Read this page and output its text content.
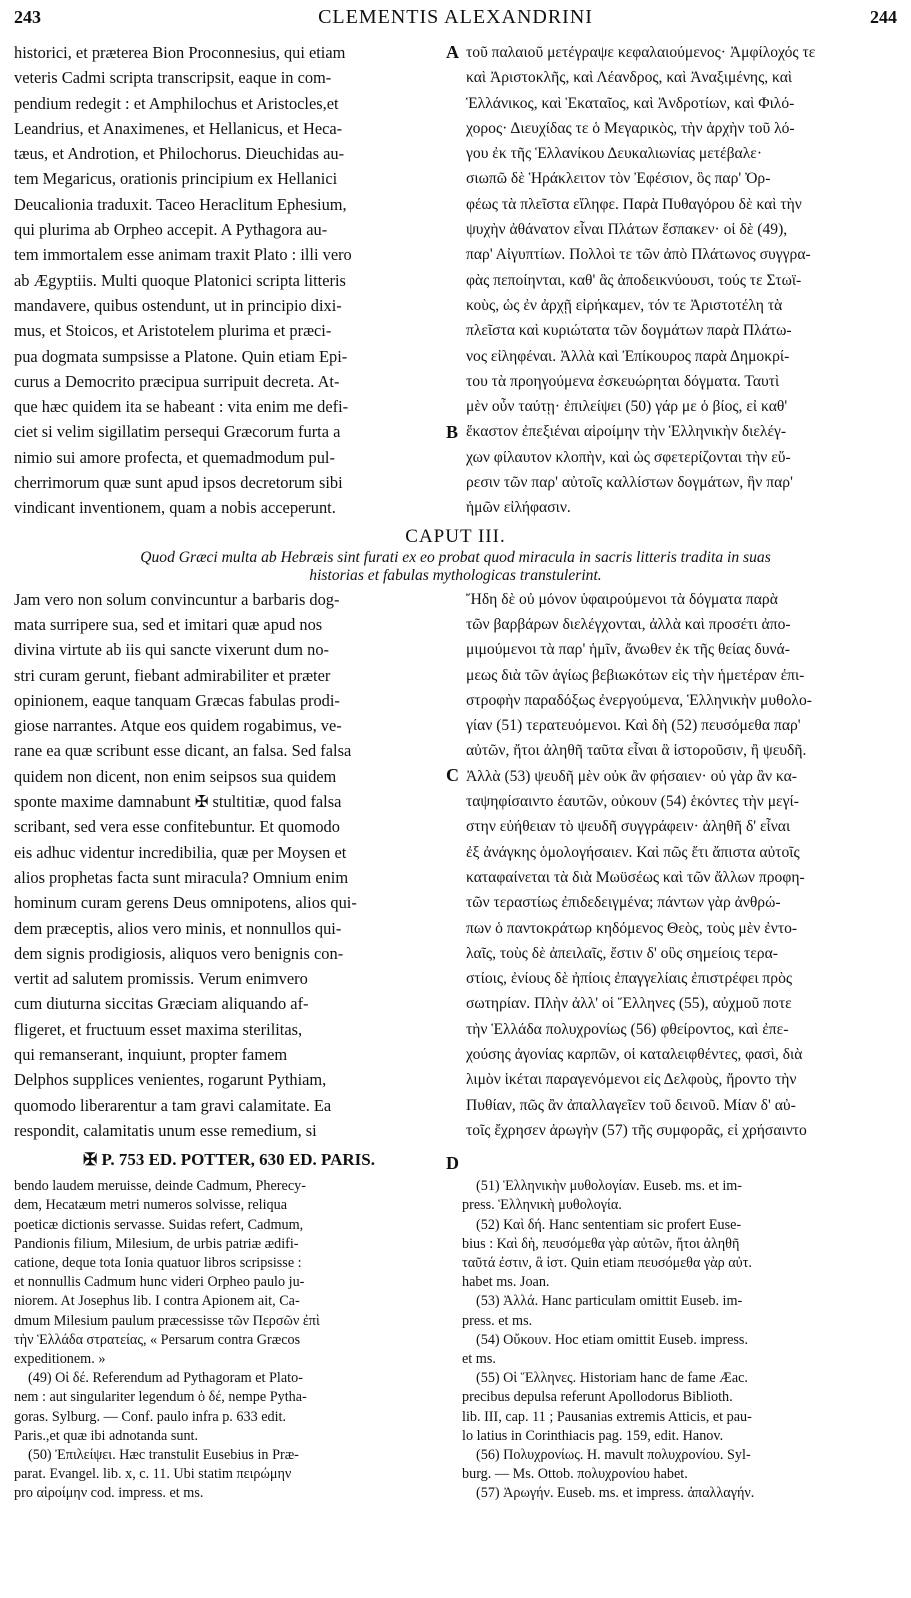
243	CLEMENTIS ALEXANDRINI	244
historici, et præterea Bion Proconnesius, qui etiam
veteris Cadmi scripta transcripsit, eaque in com-
pendium redegit : et Amphilochus et Aristocles,et
Leandrius, et Anaximenes, et Hellanicus, et Heca-
tæus, et Androtion, et Philochorus. Dieuchidas au-
tem Megaricus, orationis principium ex Hellanici
Deucalionia traduxit. Taceo Heraclitum Ephesium,
qui plurima ab Orpheo accepit. A Pythagora au-
tem immortalem esse animam traxit Plato : illi vero
ab Ægyptiis. Multi quoque Platonici scripta litteris
mandavere, quibus ostendunt, ut in principio dixi-
mus, et Stoicos, et Aristotelem plurima et præci-
pua dogmata sumpsisse a Platone. Quin etiam Epi-
curus a Democrito præcipua surripuit decreta. At-
que hæc quidem ita se habeant : vita enim me defi-
ciet si velim sigillatim persequi Græcorum furta a
nimio sui amore profecta, et quemadmodum pul-
cherrimorum quæ sunt apud ipsos decretorum sibi
vindicant inventionem, quam a nobis acceperunt.
A
B
τοῦ παλαιοῦ μετέγραψε κεφαλαιούμενος· Ἀμφίλοχός τε
καὶ Ἀριστοκλῆς, καὶ Λέανδρος, καὶ Ἀναξιμένης, καὶ
Ἑλλάνικος, καὶ Ἑκαταῖος, καὶ Ἀνδροτίων, καὶ Φιλό-
χορος· Διευχίδας τε ὁ Μεγαρικὸς, τὴν ἀρχὴν τοῦ λό-
γου ἐκ τῆς Ἑλλανίκου Δευκαλιωνίας μετέβαλε·
σιωπῶ δὲ Ἡράκλειτον τὸν Ἐφέσιον, ὃς παρ' Ὀρ-
φέως τὰ πλεῖστα εἴληφε. Παρὰ Πυθαγόρου δὲ καὶ τὴν
ψυχὴν ἀθάνατον εἶναι Πλάτων ἔσπακεν· οἱ δὲ (49),
παρ' Αἰγυπτίων. Πολλοὶ τε τῶν ἀπὸ Πλάτωνος συγγρα-
φὰς πεποίηνται, καθ' ἃς ἀποδεικνύουσι, τούς τε Στωϊ-
κοὺς, ὡς ἐν ἀρχῇ εἰρήκαμεν, τόν τε Ἀριστοτέλη τὰ
πλεῖστα καὶ κυριώτατα τῶν δογμάτων παρὰ Πλάτω-
νος εἰληφέναι. Ἀλλὰ καὶ Ἐπίκουρος παρὰ Δημοκρί-
του τὰ προηγούμενα ἐσκευώρηται δόγματα. Ταυτὶ
μὲν οὖν ταύτῃ· ἐπιλείψει (50) γάρ με ὁ βίος, εἰ καθ'
ἕκαστον ἐπεξιέναι αἱροίμην τὴν Ἑλληνικὴν διελέγ-
χων φίλαυτον κλοπὴν, καὶ ὡς σφετερίζονται τὴν εὕ-
ρεσιν τῶν παρ' αὐτοῖς καλλίστων δογμάτων, ἣν παρ'
ἡμῶν εἰλήφασιν.
CAPUT III.
Quod Græci multa ab Hebræis sint furati ex eo probat quod miracula in sacris litteris tradita in suas
historias et fabulas mythologicas transtulerint.
Jam vero non solum convincuntur a barbaris dog-
mata surripere sua, sed et imitari quæ apud nos
divina virtute ab iis qui sancte vixerunt dum no-
stri curam gerunt, fiebant admirabiliter et præter
opinionem, eaque tanquam Græcas fabulas prodi-
giose narrantes. Atque eos quidem rogabimus, ve-
rane ea quæ scribunt esse dicant, an falsa. Sed falsa
quidem non dicent, non enim seipsos sua quidem
sponte maxime damnabunt ✠ stultitiæ, quod falsa
scribant, sed vera esse confitebuntur. Et quomodo
eis adhuc videntur incredibilia, quæ per Moysen et
alios prophetas facta sunt miracula? Omnium enim
hominum curam gerens Deus omnipotens, alios qui-
dem præceptis, alios vero minis, et nonnullos qui-
dem signis prodigiosis, aliquos vero benignis con-
vertit ad salutem promissis. Verum enimvero
cum diuturna siccitas Græciam aliquando af-
fligeret, et fructuum esset maxima sterilitas,
qui remanserant, inquiunt, propter famem
Delphos supplices venientes, rogarunt Pythiam,
quomodo liberarentur a tam gravi calamitate. Ea
respondit, calamitatis unum esse remedium, si
C
Ἤδη δὲ οὐ μόνον ὑφαιρούμενοι τὰ δόγματα παρὰ
τῶν βαρβάρων διελέγχονται, ἀλλὰ καὶ προσέτι ἀπο-
μιμούμενοι τὰ παρ' ἡμῖν, ἄνωθεν ἐκ τῆς θείας δυνά-
μεως διὰ τῶν ἁγίως βεβιωκότων εἰς τὴν ἡμετέραν ἐπι-
στροφὴν παραδόξως ἐνεργούμενα, Ἑλληνικὴν μυθολο-
γίαν (51) τερατευόμενοι. Καὶ δὴ (52) πευσόμεθα παρ'
αὐτῶν, ἤτοι ἀληθῆ ταῦτα εἶναι ἃ ἱστοροῦσιν, ἢ ψευδῆ.
Ἀλλὰ (53) ψευδῆ μὲν οὐκ ἂν φήσαιεν· οὐ γὰρ ἂν κα-
ταψηφίσαιντο ἑαυτῶν, οὐκουν (54) ἑκόντες τὴν μεγί-
στην εὐήθειαν τὸ ψευδῆ συγγράφειν· ἀληθῆ δ' εἶναι
ἐξ ἀνάγκης ὁμολογήσαιεν. Καὶ πῶς ἔτι ἄπιστα αὐτοῖς
καταφαίνεται τὰ διὰ Μωϋσέως καὶ τῶν ἄλλων προφη-
τῶν τεραστίως ἐπιδεδειγμένα; πάντων γὰρ ἀνθρώ-
πων ὁ παντοκράτωρ κηδόμενος Θεὸς, τοὺς μὲν ἐντο-
λαῖς, τοὺς δὲ ἀπειλαῖς, ἔστιν δ' οὓς σημείοις τερα-
στίοις, ἐνίους δὲ ἠπίοις ἐπαγγελίαις ἐπιστρέφει πρὸς
σωτηρίαν. Πλὴν ἀλλ' οἱ Ἕλληνες (55), αὐχμοῦ ποτε
τὴν Ἑλλάδα πολυχρονίως (56) φθείροντος, καὶ ἐπε-
χούσης ἀγονίας καρπῶν, οἱ καταλειφθέντες, φασὶ, διὰ
λιμὸν ἱκέται παραγενόμενοι εἰς Δελφοὺς, ἤροντο τὴν
Πυθίαν, πῶς ἂν ἀπαλλαγεῖεν τοῦ δεινοῦ. Μίαν δ' αὐ-
τοῖς ἔχρησεν ἀρωγὴν (57) τῆς συμφορᾶς, εἰ χρήσαιντο
✠ P. 753 ED. POTTER, 630 ED. PARIS.	D
bendo laudem meruisse, deinde Cadmum, Pherecy-
dem, Hecatæum metri numeros solvisse, reliqua
poeticæ dictionis servasse. Suidas refert, Cadmum,
Pandionis filium, Milesium, de urbis patriæ ædifi-
catione, deque tota Ionia quatuor libros scripsisse :
et nonnullis Cadmum hunc videri Orpheo paulo ju-
niorem. At Josephus lib. I contra Apionem ait, Ca-
dmum Milesium paulum præcessisse τῶν Περσῶν ἐπὶ
τὴν Ἑλλάδα στρατείας, « Persarum contra Græcos
expeditionem. »
(49) Οἱ δέ. Referendum ad Pythagoram et Plato-
nem : aut singulariter legendum ὁ δέ, nempe Pytha-
goras. Sylburg. — Conf. paulo infra p. 633 edit.
Paris.,et quæ ibi adnotanda sunt.
(50) Ἐπιλείψει. Hæc transtulit Eusebius in Præ-
parat. Evangel. lib. x, c. 11. Ubi statim πειρώμην
pro αἱροίμην cod. impress. et ms.
(51) Ἑλληνικὴν μυθολογίαν. Euseb. ms. et im-
press. Ἑλληνικὴ μυθολογία.
(52) Καὶ δή. Hanc sententiam sic profert Euse-
bius : Καὶ δὴ, πευσόμεθα γὰρ αὐτῶν, ἤτοι ἀληθῆ
ταῦτά ἐστιν, ἃ ἱστ. Quin etiam πευσόμεθα γὰρ αὐτ.
habet ms. Joan.
(53) Ἀλλά. Hanc particulam omittit Euseb. im-
press. et ms.
(54) Οὔκουν. Hoc etiam omittit Euseb. impress.
et ms.
(55) Οἱ Ἕλληνες. Historiam hanc de fame Æac.
precibus depulsa referunt Apollodorus Biblioth.
lib. III, cap. 11 ; Pausanias extremis Atticis, et pau-
lo latius in Corinthiacis pag. 159, edit. Hanov.
(56) Πολυχρονίως. H. mavult πολυχρονίου. Syl-
burg. — Ms. Ottob. πολυχρονίου habet.
(57) Ἀρωγήν. Euseb. ms. et impress. ἀπαλλαγήν.
